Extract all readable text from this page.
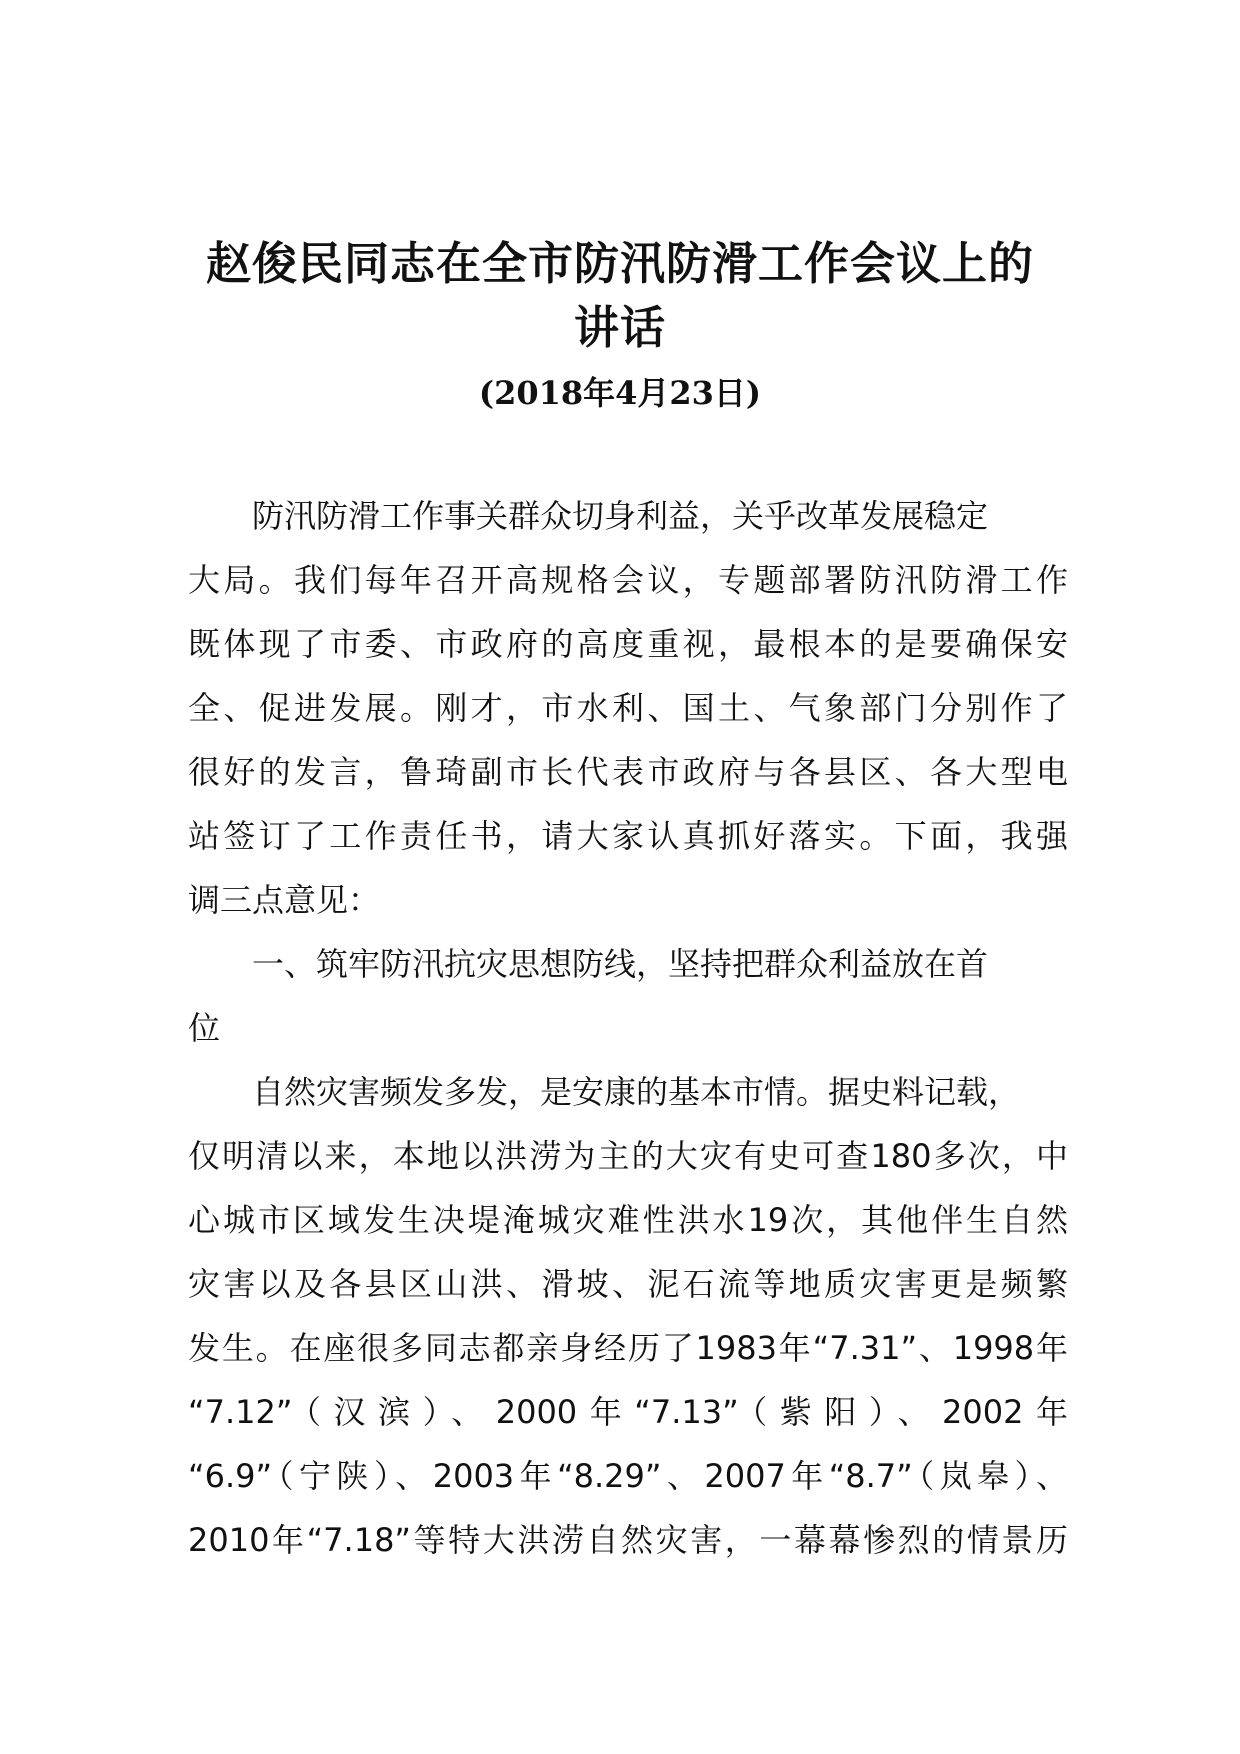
赵俊民同志在全市防汛防滑工作会议上的
讲话
(2018年4月23日)
防汛防滑工作事关群众切身利益，关乎改革发展稳定
大局。我们每年召开高规格会议，专题部署防汛防滑工作
既体现了市委、市政府的高度重视，最根本的是要确保安
全、促进发展。刚才，市水利、国土、气象部门分别作了
很好的发言，鲁琦副市长代表市政府与各县区、各大型电
站签订了工作责任书，请大家认真抓好落实。下面，我强
调三点意见：
一、筑牢防汛抗灾思想防线，坚持把群众利益放在首
位
自然灾害频发多发，是安康的基本市情。据史料记载，
仅明清以来，本地以洪涝为主的大灾有史可查180多次，中
心城市区域发生决堤淹城灾难性洪水19次，其他伴生自然
灾害以及各县区山洪、滑坡、泥石流等地质灾害更是频繁
发生。在座很多同志都亲身经历了1983年“7.31”、1998年
“7.12”（汉滨）、2000年“7.13”（紫阳）、2002年
“6.9”（宁陕）、2003年“8.29”、2007年“8.7”（岚皋）、
2010年“7.18”等特大洪涝自然灾害，一幕幕惨烈的情景历
